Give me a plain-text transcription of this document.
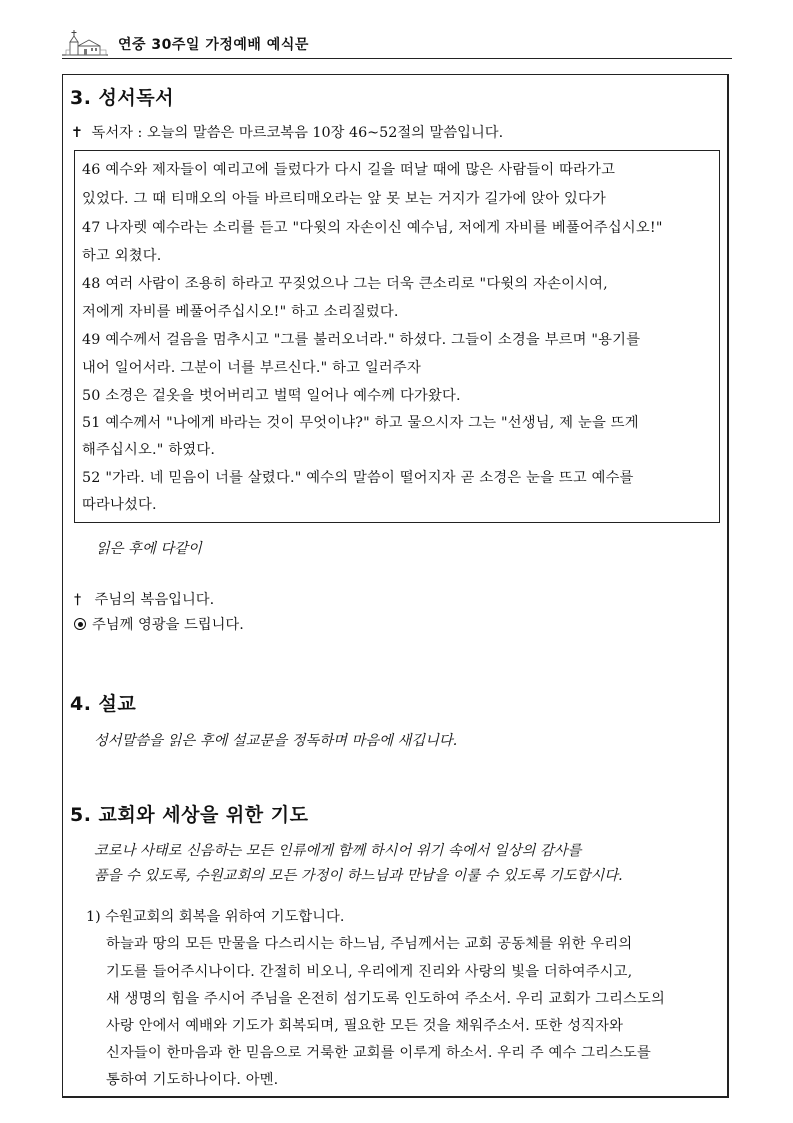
연중 30주일 가정예배 예식문
3. 성서독서
✝ 독서자 : 오늘의 말씀은 마르코복음 10장 46~52절의 말씀입니다.
46 예수와 제자들이 예리고에 들렀다가 다시 길을 떠날 때에 많은 사람들이 따라가고
있었다. 그 때 티매오의 아들 바르티매오라는 앞 못 보는 거지가 길가에 앉아 있다가
47 나자렛 예수라는 소리를 듣고 "다윗의 자손이신 예수님, 저에게 자비를 베풀어주십시오!"
하고 외쳤다.
48 여러 사람이 조용히 하라고 꾸짖었으나 그는 더욱 큰소리로 "다윗의 자손이시여,
저에게 자비를 베풀어주십시오!" 하고 소리질렀다.
49 예수께서 걸음을 멈추시고 "그를 불러오너라." 하셨다. 그들이 소경을 부르며 "용기를
내어 일어서라. 그분이 너를 부르신다." 하고 일러주자
50 소경은 겉옷을 벗어버리고 벌떡 일어나 예수께 다가왔다.
51 예수께서 "나에게 바라는 것이 무엇이냐?" 하고 물으시자 그는 "선생님, 제 눈을 뜨게
해주십시오." 하였다.
52 "가라. 네 믿음이 너를 살렸다." 예수의 말씀이 떨어지자 곧 소경은 눈을 뜨고 예수를
따라나섰다.
읽은 후에 다같이
† 주님의 복음입니다.
주님께 영광을 드립니다.
4. 설교
성서말씀을 읽은 후에 설교문을 정독하며 마음에 새깁니다.
5. 교회와 세상을 위한 기도
코로나 사태로 신음하는 모든 인류에게 함께 하시어 위기 속에서 일상의 감사를
품을 수 있도록, 수원교회의 모든 가정이 하느님과 만남을 이룰 수 있도록 기도합시다.
1) 수원교회의 회복을 위하여 기도합니다.
하늘과 땅의 모든 만물을 다스리시는 하느님, 주님께서는 교회 공동체를 위한 우리의
기도를 들어주시나이다. 간절히 비오니, 우리에게 진리와 사랑의 빛을 더하여주시고,
새 생명의 힘을 주시어 주님을 온전히 섬기도록 인도하여 주소서. 우리 교회가 그리스도의
사랑 안에서 예배와 기도가 회복되며, 필요한 모든 것을 채워주소서. 또한 성직자와
신자들이 한마음과 한 믿음으로 거룩한 교회를 이루게 하소서. 우리 주 예수 그리스도를
통하여 기도하나이다. 아멘.
